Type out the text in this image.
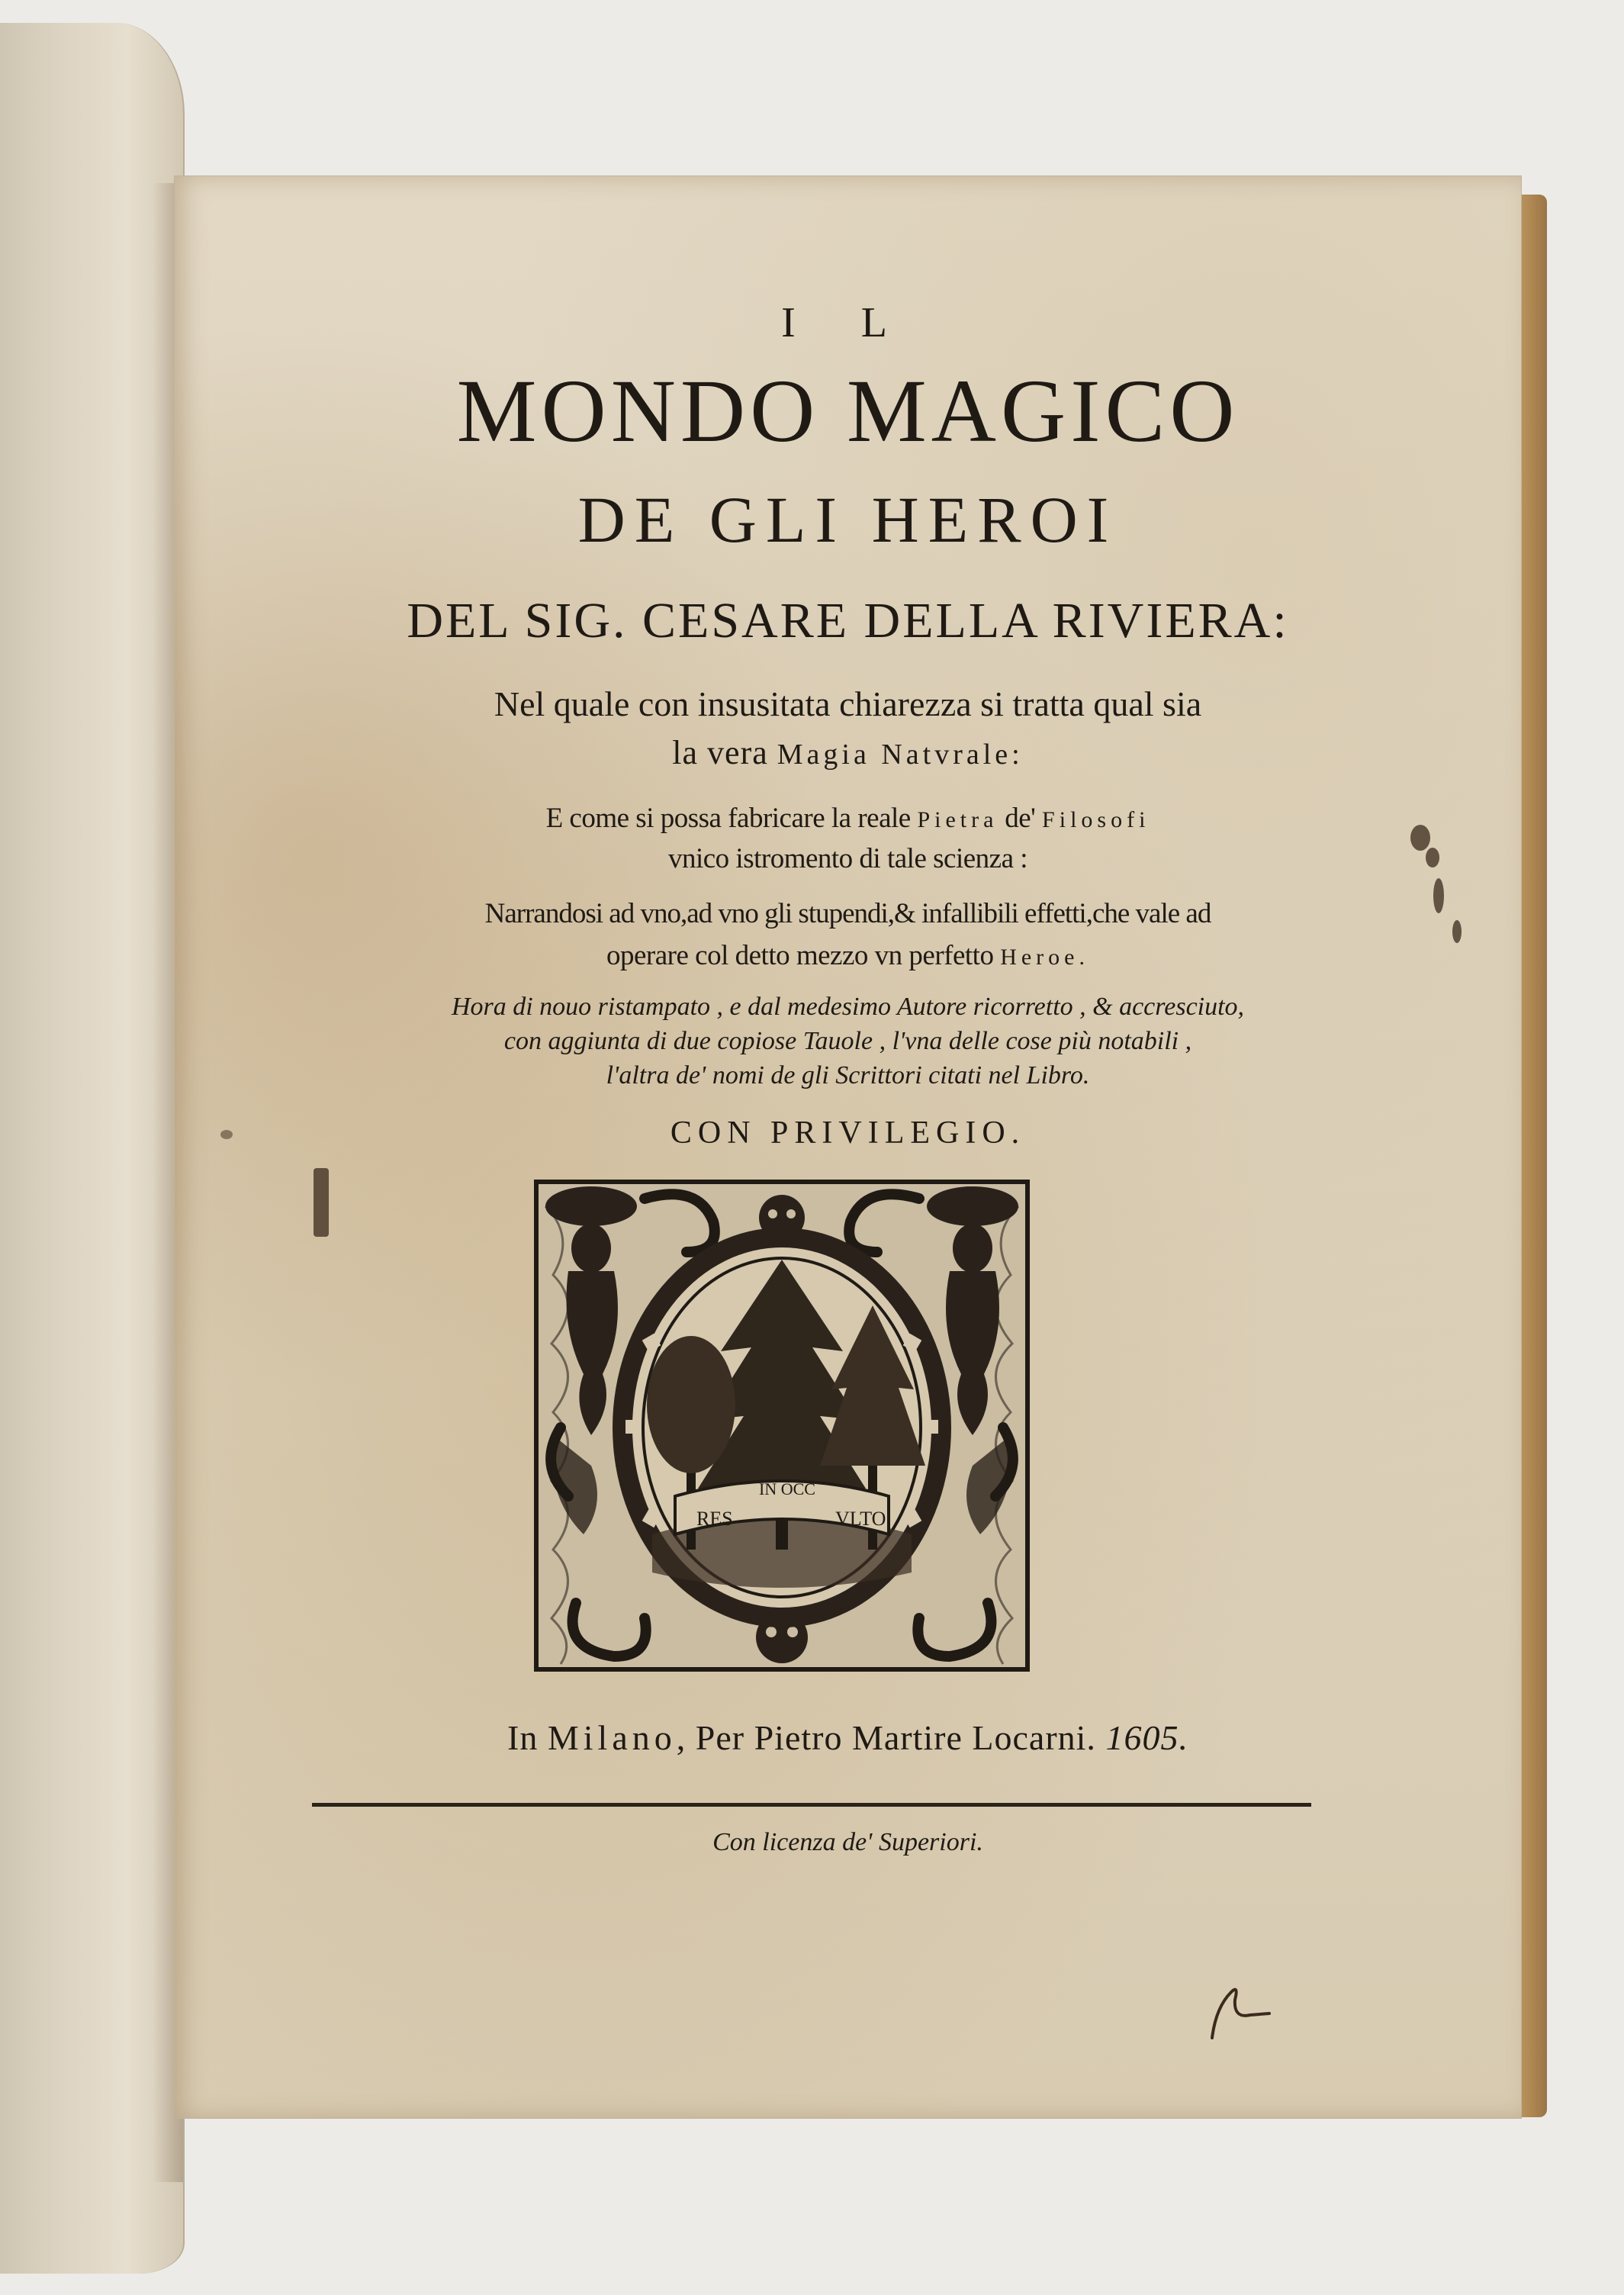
I L
MONDO MAGICO
DE GLI HEROI
DEL SIG. CESARE DELLA RIVIERA:
Nel quale con insusitata chiarezza si tratta qual sia
la vera Magia Natvrale:
E come si possa fabricare la reale Pietra de' Filosofi
vnico istromento di tale scienza :
Narrandosi ad vno,ad vno gli stupendi,& infallibili effetti,che vale ad
operare col detto mezzo vn perfetto Heroe.
Hora di nouo ristampato , e dal medesimo Autore ricorretto , & accresciuto,
con aggiunta di due copiose Tauole , l'vna delle cose più notabili ,
l'altra de' nomi de gli Scrittori citati nel Libro.
CON PRIVILEGIO.
RES
IN OCC
VLTO
In Milano, Per Pietro Martire Locarni. 1605.
Con licenza de' Superiori.
